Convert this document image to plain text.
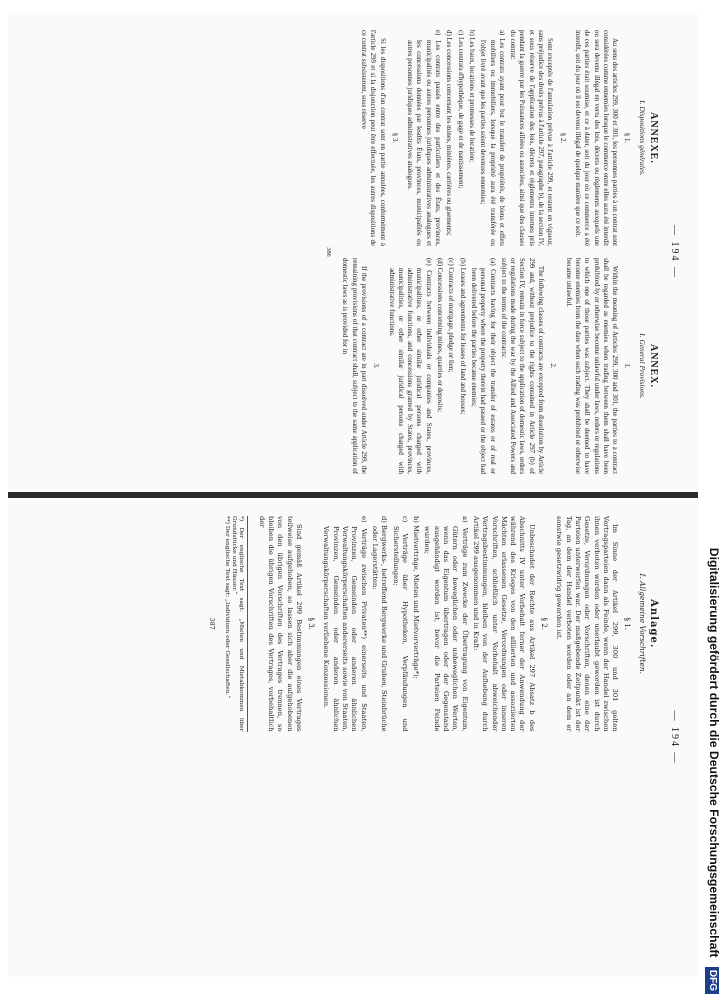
— 194 —
ANNEXE.
I. Dispositions générales.
§ 1.

Au sens des articles 299, 300 et 301, les personnes parties à un contrat sont considérées comme ennemies lorsque le commerce entre elles aura été interdit ou sera devenu illégal en vertu des lois, décrets ou règlements auxquels une de ces parties était soumise, et ce à dater, soit du jour où ce commerce a été interdit, soit du jour où il est devenu illégal de quelque manière que ce soit.

§ 2.

Sont exceptés de l'annulation prévue à l'article 299, et restent en vigueur, sans préjudice des droits prévus à l'article 297, paragraphe b), de la section IV, et sous réserve de l'application des lois, décrets et règlements internes pris pendant la guerre par les Puissances alliées ou associées, ainsi que des clauses du contrat:

a) Les contrats ayant pour but le transfert de propriétés, de biens et effets mobiliers ou immobiliers, lorsque la propriété aura été transférée ou l'objet livré avant que les parties soient devenues ennemies;

b) Les baux, locations et promesses de location;

c) Les contrats d'hypothèque, de gage et de nantissement;

d) Les concessions concernant les mines, minières, carrières ou gisements;

e) Les contrats passés entre des particuliers et des États, provinces, municipalités ou autres personnes juridiques administratives analogues et les concessions données par lesdits États, provinces, municipalités ou autres personnes juridiques administratives analogues.

§ 3.

Si les dispositions d'un contrat sont en partie annulées, conformément à l'article 299 et si la disjonction peut être effectuée, les autres dispositions de ce contrat subsisteront, sous réserve

ANNEX.
I. General Provisions.
1.

Within the meaning of Articles 299, 300 and 301, the parties to a contract shall be regarded as enemies when trading between them shall have been prohibited by or otherwise become unlawful under laws, orders or regulations to which one of those parties was subject. They shall be deemed to have become enemies from the date when such trading was prohibited or otherwise became unlawful.

2.

The following classes of contracts are excepted from dissolution by Article 299 and, without prejudice to the rights contained in Article 297 (b) of Section IV, remain in force subject to the application of domestic laws, orders or regulations made during the war by the Allied and Associated Powers and subject to the terms of the contracts:

(a) Contracts having for their object the transfer of estates or of real or personal property where the property therein had passed or the object had been delivered before the parties became enemies;

(b) Leases and agreements for leases of land and houses;

(c) Contracts of mortgage, pledge or lien;

(d) Concessions concerning mines, quarries or deposits;

(e) Contracts between individuals or companies and States, provinces, municipalities, or other similar juridical persons charged with administrative functions, and concessions granted by States, provinces, municipalities, or other similar juridical persons charged with administrative functions.

3.

If the provisions of a contract are in part dissolved under Article 299, the remaining provisions of that contract shall, subject to the same application of domestic laws as is provided for in

386
— 194 —
Anlage.
I. Allgemeine Vorschriften.
§ 1.

Im Sinne der Artikel 299, 300 und 301 gelten Vertragsparteien dann als Feinde, wenn der Handel zwischen ihnen verboten worden oder unerlaubt geworden ist durch Gesetze, Verordnungen oder Vorschriften, denen eine der Parteien unterworfen war. Der maßgebende Zeitpunkt ist der Tag, an dem der Handel verboten worden oder an dem er sonstwie gesetzwidrig geworden ist.

§ 2.

Unbeschadet der Rechte aus Artikel 297 Absatz b des Abschnitts IV unter Vorbehalt ferner der Anwendung der während des Krieges von den alliierten und assoziierten Mächten erlassenen Gesetze, Verordnungen oder inneren Vorschriften, schließlich unter Vorbehalt abweichender Vertragsbestimmungen, bleiben von der Aufhebung durch Artikel 299 ausgenommen und in Kraft:

a) Verträge zum Zwecke der Übertragung von Eigentum, Gütern oder beweglichen oder unbeweglichen Werten, wenn das Eigentum übertragen oder der Gegenstand ausgehändigt worden ist, bevor die Parteien Feinde wurden;

b) Mietverträge, Mieten und Mietvorverträge*);

c) Verträge über Hypotheken, Verpfändungen und Sicherstellungen;

d) Bergwerks-, betreffend Bergwerke und Gruben, Steinbrüche oder Lagerstätten;

e) Verträge zwischen Privaten**) einerseits und Staaten, Provinzen, Gemeinden oder anderen ähnlichen Verwaltungskörperschaften andererseits sowie von Staaten, Provinzen, Gemeinden oder anderen ähnlichen Verwaltungskörperschaften verliehene Konzessionen.

§ 3.

Sind gemäß Artikel 299 Bestimmungen eines Vertrages teilweise aufgehoben, so lassen sich aber die aufgehobenen von den übrigen Vorschriften des Vertrages trennen, so bleiben die übrigen Vorschriften des Vertrages, vorbehaltlich der

*) Der englische Text sagt: „Mieten und Mietabkommen über Grundstücke und Häuser.“
**) Der englische Text sagt: „Individuen oder Gesellschaften.“
387	Digitalisierung gefördert durch die Deutsche Forschungsgemeinschaft DFG
